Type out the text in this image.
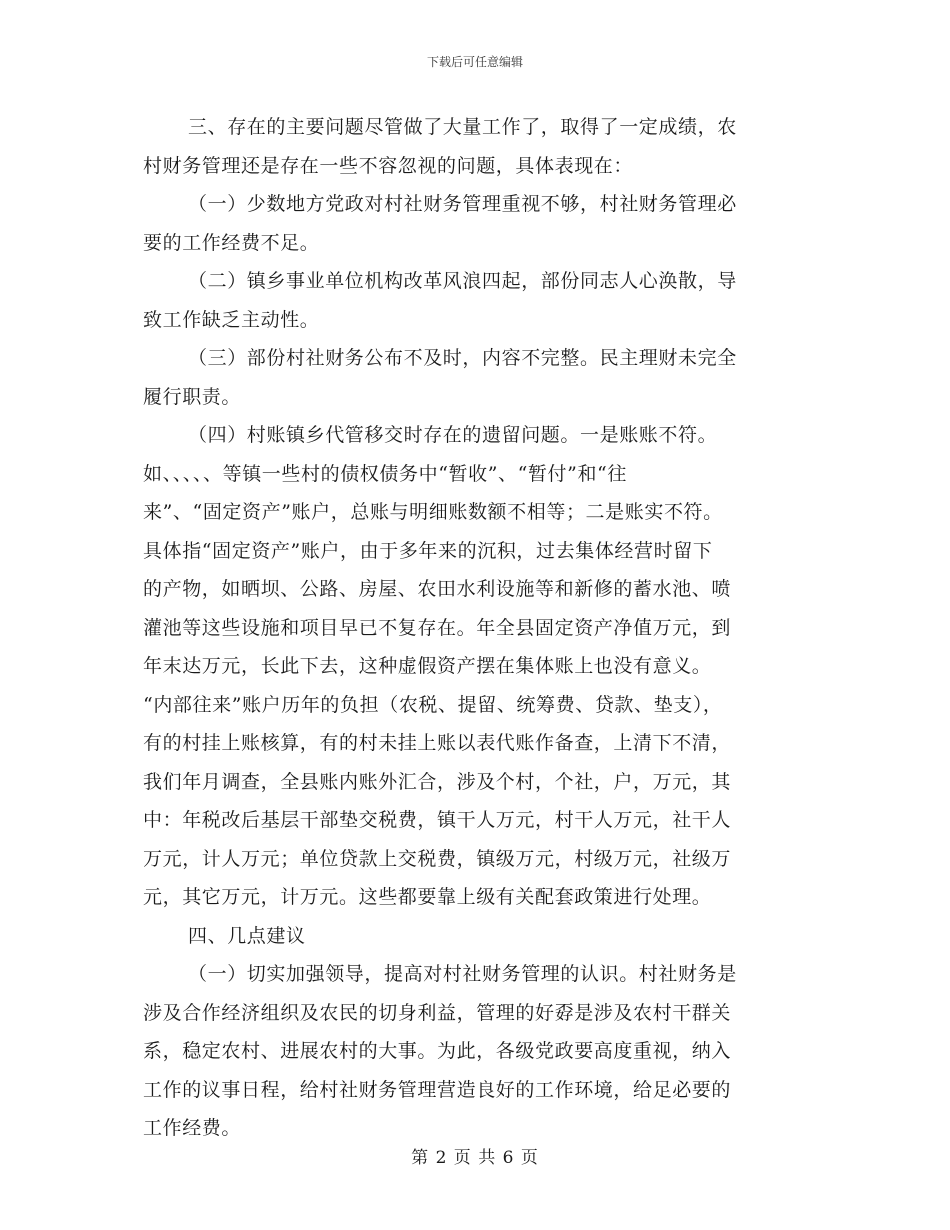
下载后可任意编辑
三、存在的主要问题尽管做了大量工作了，取得了一定成绩，农
村财务管理还是存在一些不容忽视的问题，具体表现在：
（一）少数地方党政对村社财务管理重视不够，村社财务管理必
要的工作经费不足。
（二）镇乡事业单位机构改革风浪四起，部份同志人心涣散，导
致工作缺乏主动性。
（三）部份村社财务公布不及时，内容不完整。民主理财未完全
履行职责。
（四）村账镇乡代管移交时存在的遗留问题。一是账账不符。
如、、、、、等镇一些村的债权债务中“暂收”、“暂付”和“往
来”、“固定资产”账户，总账与明细账数额不相等；二是账实不符。
具体指“固定资产”账户，由于多年来的沉积，过去集体经营时留下
的产物，如晒坝、公路、房屋、农田水利设施等和新修的蓄水池、喷
灌池等这些设施和项目早已不复存在。年全县固定资产净值万元，到
年末达万元，长此下去，这种虚假资产摆在集体账上也没有意义。
“内部往来”账户历年的负担（农税、提留、统筹费、贷款、垫支），
有的村挂上账核算，有的村未挂上账以表代账作备查，上清下不清，
我们年月调查，全县账内账外汇合，涉及个村，个社，户，万元，其
中：年税改后基层干部垫交税费，镇干人万元，村干人万元，社干人
万元，计人万元；单位贷款上交税费，镇级万元，村级万元，社级万
元，其它万元，计万元。这些都要靠上级有关配套政策进行处理。
四、几点建议
（一）切实加强领导，提高对村社财务管理的认识。村社财务是
涉及合作经济组织及农民的切身利益，管理的好孬是涉及农村干群关
系，稳定农村、进展农村的大事。为此，各级党政要高度重视，纳入
工作的议事日程，给村社财务管理营造良好的工作环境，给足必要的
工作经费。
第 2 页 共 6 页
